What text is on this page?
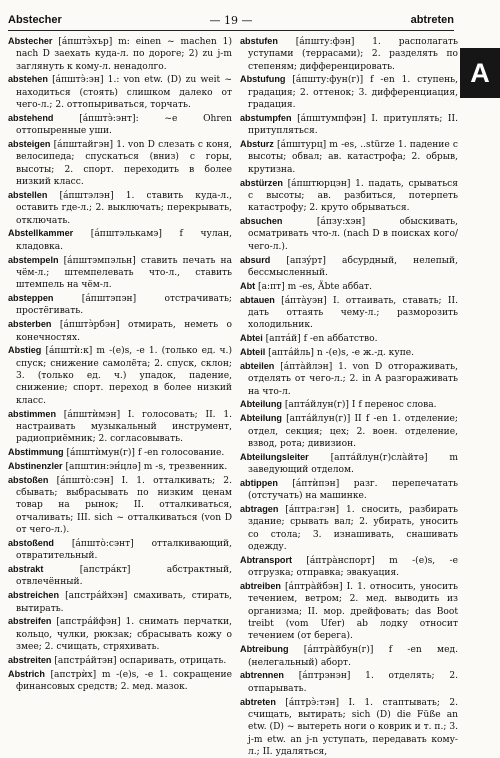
Abstecher	— 19 —	abtreten
A

Abstecher [áпштэ̀хър] m: einen ~ machen 1) nach D заехать куда-л. по дороге; 2) zu j-m заглянуть к кому-л. ненадолго.

abstehen [áпштэ̀:эн] 1.: von etw. (D) zu weit ~ находиться (стоять) слишком далеко от чего-л.; 2. оттопыриваться, торчать.

abstehend [áпштэ̀:энт]: ~e Ohren оттопыренные уши.

absteigen [áпштайгэн] 1. von D слезать с коня, велосипеда; спускаться (вниз) с горы, высоты; 2. спорт. переходить в более низкий класс.

abstellen [áпштэлэн] 1. ставить куда-л., оставить где-л.; 2. выключать; перекрывать, отключать.

Abstellkammer [áпштэлькамэ] f чулан, кладовка.

abstempeln [áпштэмпэльн] ставить печать на чём-л.; штемпелевать что-л., ставить штемпель на чём-л.

absteppen [áпштэпэн] отстрачивать; простёгивать.

absterben [áпштэ̀рбэн] отмирать, неметь о конечностях.

Abstieg [áпштѝ:к] m -(e)s, -e 1. (только ед. ч.) спуск; снижение самолёта; 2. спуск, склон; 3. (только ед. ч.) упадок, падение, снижение; спорт. переход в более низкий класс.

abstimmen [áпштѝмэн] I. голосовать; II. 1. настраивать музыкальный инструмент, радиоприёмник; 2. согласовывать.

Abstimmung [áпштѝмун(г)] f -en голосование.

Abstinenzler [апштин:эн́цлә] m -s, трезвенник.

abstoßen [áпштò:сэн] I. 1. отталкивать; 2. сбывать; выбрасывать по низким ценам товар на рынок; II. отталкиваться, отчаливать; III. sich ~ отталкиваться (von D от чего-л.).

abstoßend [áпштò:сэнт] отталкивающий, отвратительный.

abstrakt [апстрáкт] абстрактный, отвлечённый.

abstreichen [апстрáйхэн] смахивать, стирать, вытирать.

abstreifen [апстрáйфэн] 1. снимать перчатки, кольцо, чулки, рюкзак; сбрасывать кожу о змее; 2. счищать, стряхивать.

abstreiten [апстрáйтэн] оспаривать, отрицать.

Abstrich [апстрѝх] m -(e)s, -e 1. сокращение финансовых средств; 2. мед. мазок.

abstufen [áпшту:фэн] 1. располагать уступами (террасами); 2. разделять по степеням; дифференцировать.

Abstufung [áпшту:фун(г)] f -en 1. ступень, градация; 2. оттенок; 3. дифференциация, градация.

abstumpfen [áпштумпфэн] I. притуплять; II. притупляться.

Absturz [áпштурц] m -es, ..stürze 1. падение с высоты; обвал; ав. катастрофа; 2. обрыв, крутизна.

abstürzen [áпштюрцэн] 1. падать, срываться с высоты; ав. разбиться, потерпеть катастрофу; 2. круто обрываться.

absuchen [áпзу:хэн] обыскивать, осматривать что-л. (nach D в поисках кого/чего-л.).

absurd [апзýрт] абсурдный, нелепый, бессмысленный.

Abt [а:пт] m -es, Äbte аббат.

abtauen [áптàуэн] I. оттаивать, ставать; II. дать оттаять чему-л.; разморозить холодильник.

Abtei [аптáй] f -en аббатство.

Abteil [аптáйль] n -(e)s, -e ж.-д. купе.

abteilen [áптàйлэн] 1. von D отгораживать, отделять от чего-л.; 2. in A разгораживать на что-л.

Abteilung [аптáйлун(г)] I f перенос слова.

Abteilung [аптáйлун(г)] II f -en 1. отделение; отдел, секция; цех; 2. воен. отделение, взвод, рота; дивизион.

Abteilungsleiter [аптáйлун(г)слàйтә] m заведующий отделом.

abtippen [áптѝпэн] разг. перепечатать (отстучать) на машинке.

abtragen [áптра:гэн] 1. сносить, разбирать здание; срывать вал; 2. убирать, уносить со стола; 3. изнашивать, снашивать одежду.

Abtransport [áптрàнспорт] m -(e)s, -e отгрузка; отправка; эвакуация.

abtreiben [áптрàйбэн] I. 1. относить, уносить течением, ветром; 2. мед. выводить из организма; II. мор. дрейфовать; das Boot treibt (vom Ufer) ab лодку относит течением (от берега).

Abtreibung [áптрàйбун(г)] f -en мед. (нелегальный) аборт.

abtrennen [áптрэнэн] 1. отделять; 2. отпарывать.

abtreten [áптрэ̀:тэн] I. 1. стаптывать; 2. счищать, вытирать; sich (D) die Füße an etw. (D) ~ вытереть ноги о коврик и т. п.; 3. j-m etw. an j-n уступать, передавать кому-л.; II. удаляться,
